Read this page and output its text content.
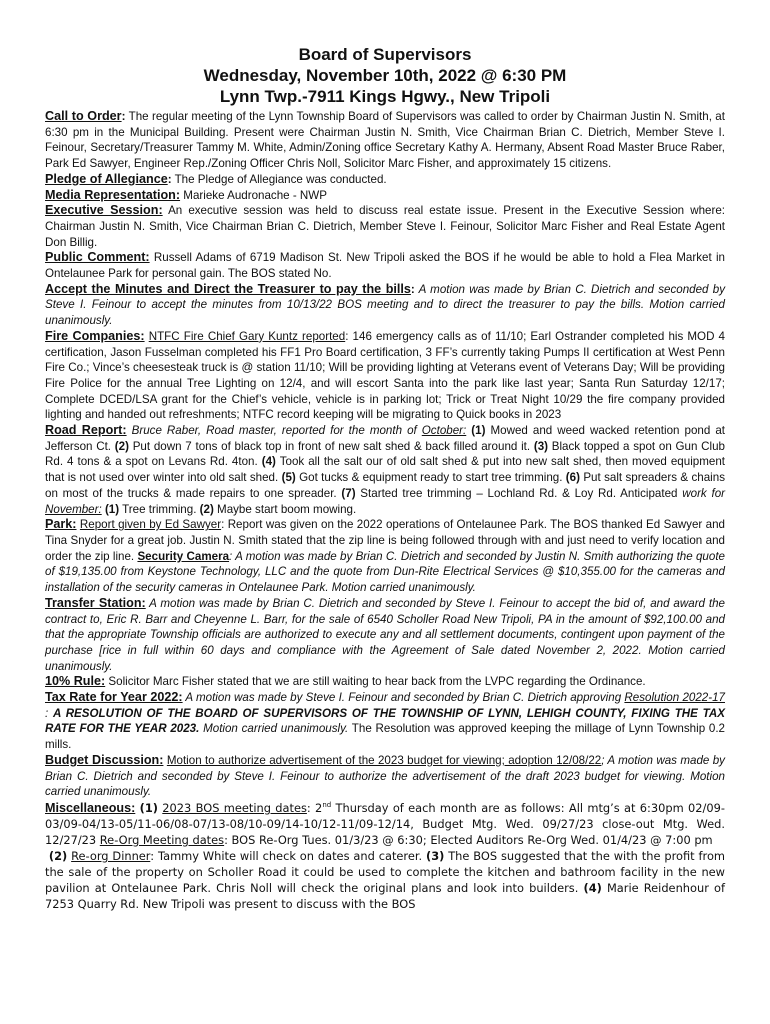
Board of Supervisors
Wednesday, November 10th, 2022 @ 6:30 PM
Lynn Twp.-7911 Kings Hgwy., New Tripoli

Call to Order: The regular meeting of the Lynn Township Board of Supervisors was called to order by Chairman Justin N. Smith, at 6:30 pm in the Municipal Building. Present were Chairman Justin N. Smith, Vice Chairman Brian C. Dietrich, Member Steve I. Feinour, Secretary/Treasurer Tammy M. White, Admin/Zoning office Secretary Kathy A. Hermany, Absent Road Master Bruce Raber, Park Ed Sawyer, Engineer Rep./Zoning Officer Chris Noll, Solicitor Marc Fisher, and approximately 15 citizens.

Pledge of Allegiance: The Pledge of Allegiance was conducted.

Media Representation: Marieke Audronache - NWP

Executive Session: An executive session was held to discuss real estate issue. Present in the Executive Session where: Chairman Justin N. Smith, Vice Chairman Brian C. Dietrich, Member Steve I. Feinour, Solicitor Marc Fisher and Real Estate Agent Don Billig.

Public Comment: Russell Adams of 6719 Madison St. New Tripoli asked the BOS if he would be able to hold a Flea Market in Ontelaunee Park for personal gain. The BOS stated No.

Accept the Minutes and Direct the Treasurer to pay the bills: A motion was made by Brian C. Dietrich and seconded by Steve I. Feinour to accept the minutes from 10/13/22 BOS meeting and to direct the treasurer to pay the bills. Motion carried unanimously.

Fire Companies: NTFC Fire Chief Gary Kuntz reported: 146 emergency calls as of 11/10; Earl Ostrander completed his MOD 4 certification, Jason Fusselman completed his FF1 Pro Board certification, 3 FF’s currently taking Pumps II certification at West Penn Fire Co.; Vince’s cheesesteak truck is @ station 11/10; Will be providing lighting at Veterans event of Veterans Day; Will be providing Fire Police for the annual Tree Lighting on 12/4, and will escort Santa into the park like last year; Santa Run Saturday 12/17; Complete DCED/LSA grant for the Chief’s vehicle, vehicle is in parking lot; Trick or Treat Night 10/29 the fire company provided lighting and handed out refreshments; NTFC record keeping will be migrating to Quick books in 2023

Road Report: Bruce Raber, Road master, reported for the month of October: (1) Mowed and weed wacked retention pond at Jefferson Ct. (2) Put down 7 tons of black top in front of new salt shed & back filled around it. (3) Black topped a spot on Gun Club Rd. 4 tons & a spot on Levans Rd. 4ton. (4) Took all the salt our of old salt shed & put into new salt shed, then moved equipment that is not used over winter into old salt shed. (5) Got tucks & equipment ready to start tree trimming. (6) Put salt spreaders & chains on most of the trucks & made repairs to one spreader. (7) Started tree trimming – Lochland Rd. & Loy Rd. Anticipated work for November: (1) Tree trimming. (2) Maybe start boom mowing.

Park: Report given by Ed Sawyer: Report was given on the 2022 operations of Ontelaunee Park. The BOS thanked Ed Sawyer and Tina Snyder for a great job. Justin N. Smith stated that the zip line is being followed through with and just need to verify location and order the zip line. Security Camera: A motion was made by Brian C. Dietrich and seconded by Justin N. Smith authorizing the quote of $19,135.00 from Keystone Technology, LLC and the quote from Dun-Rite Electrical Services @ $10,355.00 for the cameras and installation of the security cameras in Ontelaunee Park. Motion carried unanimously.

Transfer Station: A motion was made by Brian C. Dietrich and seconded by Steve I. Feinour to accept the bid of, and award the contract to, Eric R. Barr and Cheyenne L. Barr, for the sale of 6540 Scholler Road New Tripoli, PA in the amount of $92,100.00 and that the appropriate Township officials are authorized to execute any and all settlement documents, contingent upon payment of the purchase [rice in full within 60 days and compliance with the Agreement of Sale dated November 2, 2022. Motion carried unanimously.

10% Rule: Solicitor Marc Fisher stated that we are still waiting to hear back from the LVPC regarding the Ordinance.

Tax Rate for Year 2022: A motion was made by Steve I. Feinour and seconded by Brian C. Dietrich approving Resolution 2022-17 : A RESOLUTION OF THE BOARD OF SUPERVISORS OF THE TOWNSHIP OF LYNN, LEHIGH COUNTY, FIXING THE TAX RATE FOR THE YEAR 2023. Motion carried unanimously. The Resolution was approved keeping the millage of Lynn Township 0.2 mills.

Budget Discussion: Motion to authorize advertisement of the 2023 budget for viewing; adoption 12/08/22; A motion was made by Brian C. Dietrich and seconded by Steve I. Feinour to authorize the advertisement of the draft 2023 budget for viewing. Motion carried unanimously.

Miscellaneous: (1) 2023 BOS meeting dates: 2nd Thursday of each month are as follows: All mtg’s at 6:30pm 02/09-03/09-04/13-05/11-06/08-07/13-08/10-09/14-10/12-11/09-12/14, Budget Mtg. Wed. 09/27/23 close-out Mtg. Wed. 12/27/23 Re-Org Meeting dates: BOS Re-Org Tues. 01/3/23 @ 6:30; Elected Auditors Re-Org Wed. 01/4/23 @ 7:00 pm

(2) Re-org Dinner: Tammy White will check on dates and caterer. (3) The BOS suggested that the with the profit from the sale of the property on Scholler Road it could be used to complete the kitchen and bathroom facility in the new pavilion at Ontelaunee Park. Chris Noll will check the original plans and look into builders. (4) Marie Reidenhour of 7253 Quarry Rd. New Tripoli was present to discuss with the BOS
